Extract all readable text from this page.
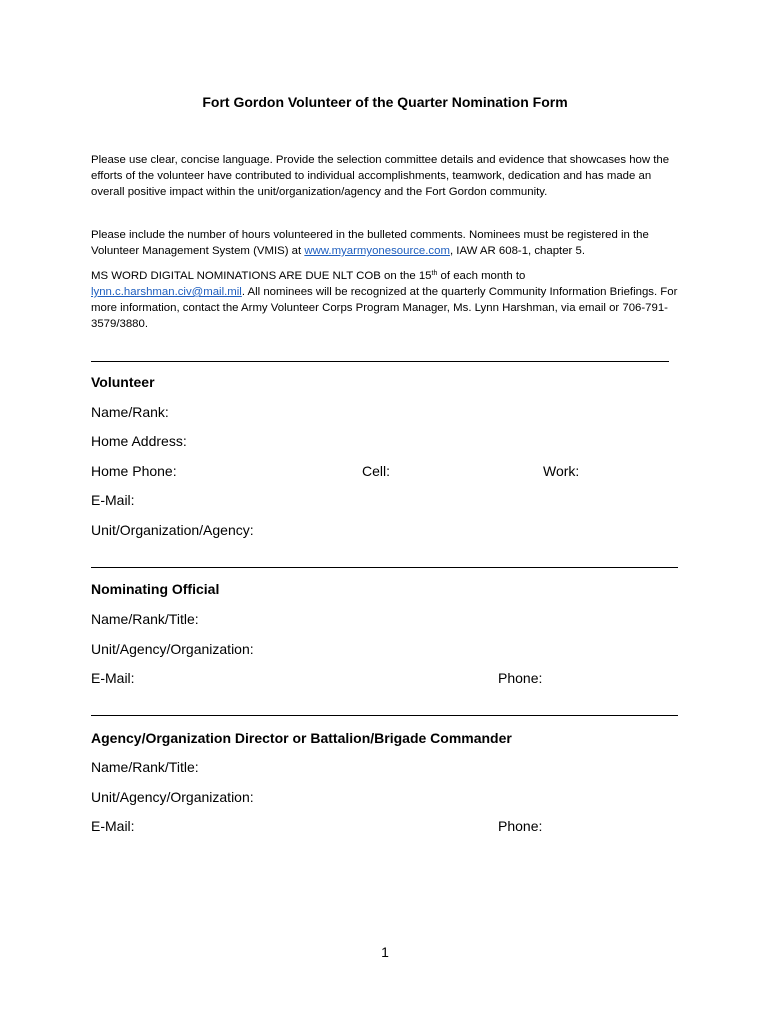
Fort Gordon Volunteer of the Quarter Nomination Form

Please use clear, concise language. Provide the selection committee details and evidence that showcases how the efforts of the volunteer have contributed to individual accomplishments, teamwork, dedication and has made an overall positive impact within the unit/organization/agency and the Fort Gordon community.

Please include the number of hours volunteered in the bulleted comments. Nominees must be registered in the Volunteer Management System (VMIS) at www.myarmyonesource.com, IAW AR 608-1, chapter 5.

MS WORD DIGITAL NOMINATIONS ARE DUE NLT COB on the 15th of each month to lynn.c.harshman.civ@mail.mil. All nominees will be recognized at the quarterly Community Information Briefings. For more information, contact the Army Volunteer Corps Program Manager, Ms. Lynn Harshman, via email or 706-791-3579/3880.

Volunteer

Name/Rank:

Home Address:

Home Phone:	Cell:	Work:

E-Mail:

Unit/Organization/Agency:

Nominating Official

Name/Rank/Title:

Unit/Agency/Organization:

E-Mail:	Phone:

Agency/Organization Director or Battalion/Brigade Commander

Name/Rank/Title:

Unit/Agency/Organization:

E-Mail:	Phone:

1
